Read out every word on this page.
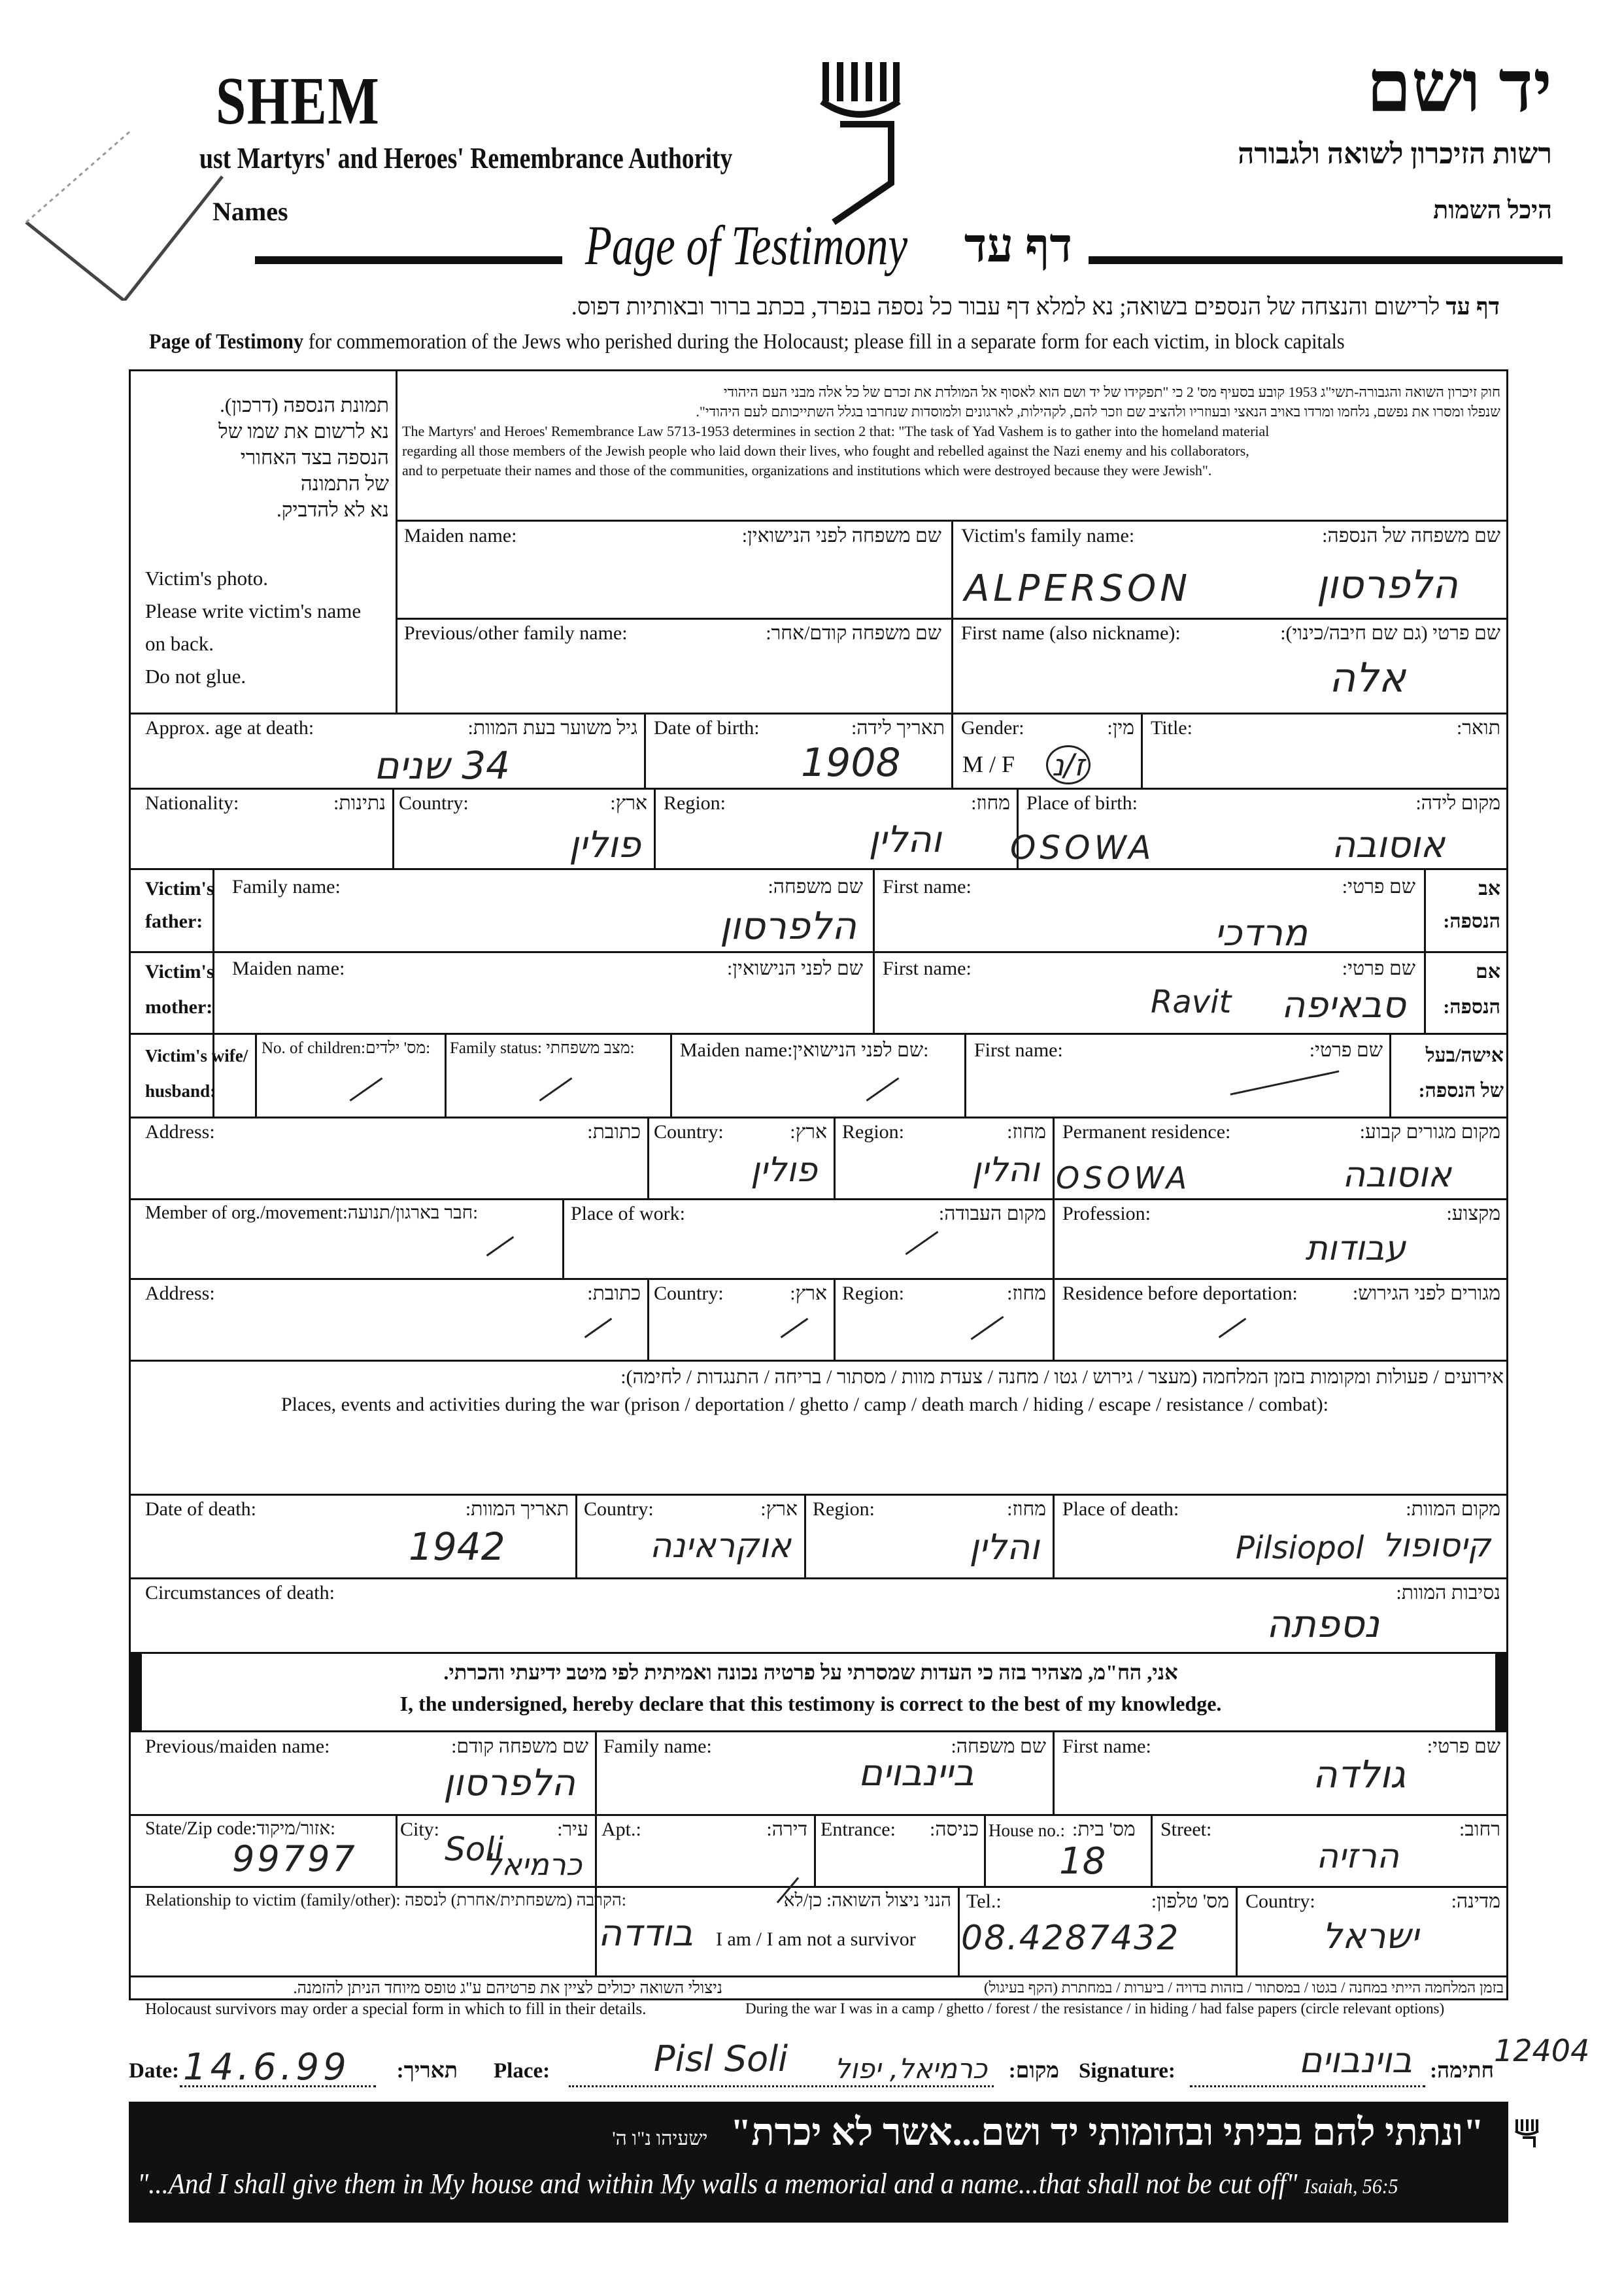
SHEM
ust Martyrs' and Heroes' Remembrance Authority
Names
יד ושם
רשות הזיכרון לשואה ולגבורה
היכל השמות
Page of Testimony	דף עד
דף עד לרישום והנצחה של הנספים בשואה; נא למלא דף עבור כל נספה בנפרד, בכתב ברור ובאותיות דפוס.
Page of Testimony for commemoration of the Jews who perished during the Holocaust; please fill in a separate form for each victim, in block capitals
תמונת הנספה (דרכון).
נא לרשום את שמו של
הנספה בצד האחורי
של התמונה
נא לא להדביק.
Victim's photo.
Please write victim's name
on back.
Do not glue.
חוק זיכרון השואה והגבורה-תשי"ג 1953 קובע בסעיף מס' 2 כי "תפקידו של יד ושם הוא לאסוף אל המולדת את זכרם של כל אלה מבני העם היהודי
שנפלו ומסרו את נפשם, נלחמו ומרדו באויב הנאצי ובעוזריו ולהציב שם וזכר להם, לקהילות, לארגונים ולמוסדות שנחרבו בגלל השתייכותם לעם היהודי".
The Martyrs' and Heroes' Remembrance Law 5713-1953 determines in section 2 that: "The task of Yad Vashem is to gather into the homeland material
regarding all those members of the Jewish people who laid down their lives, who fought and rebelled against the Nazi enemy and his collaborators,
and to perpetuate their names and those of the communities, organizations and institutions which were destroyed because they were Jewish".
Maiden name:	שם משפחה לפני הנישואין: Victim's family name:	שם משפחה של הנספה:
ALPERSON	הלפרסון
Previous/other family name:	שם משפחה קודם/אחר: First name (also nickname):	שם פרטי (גם שם חיבה/כינוי):
אלה
Approx. age at death:	גיל משוער בעת המוות:
34 שנים
Date of birth:	תאריך לידה:
1908
Gender:	מין:
M / F ז/נ
Title:	תואר:
Nationality:	נתינות: Country:	ארץ:
פולין
Region:	מחוז:
והלין
Place of birth:	מקום לידה:
OSOWA	אוסובה
Victim's
father:
אב
הנספה:
Family name:	שם משפחה:
הלפרסון
First name:	שם פרטי:
מרדכי
Victim's
mother:
אם
הנספה:
Maiden name:	שם לפני הנישואין: First name:	שם פרטי:
Ravit	סבאיפה
Victim's wife/
husband:
אישה/בעל
של הנספה:
No. of children:מס' ילדים: Family status: מצב משפחתי: Maiden name:שם לפני הנישואין: First name:	שם פרטי:
Address:	כתובת: Country:	ארץ:
פולין
Region:	מחוז:
והלין
Permanent residence:	מקום מגורים קבוע:
OSOWA	אוסובה
Member of org./movement:חבר בארגון/תנועה:	Place of work:	מקום העבודה: Profession:	מקצוע:
עבודות
Address:	כתובת: Country:	ארץ: Region:	מחוז: Residence before deportation:	מגורים לפני הגירוש:
אירועים / פעולות ומקומות בזמן המלחמה (מעצר / גירוש / גטו / מחנה / צעדת מוות / מסתור / בריחה / התנגדות / לחימה):
Places, events and activities during the war (prison / deportation / ghetto / camp / death march / hiding / escape / resistance / combat):
Date of death:	תאריך המוות:
1942
Country:	ארץ:
אוקראינה
Region:	מחוז:
והלין
Place of death:	מקום המוות:
Pilsiopol קיסופול
Circumstances of death:	נסיבות המוות:
נספתה
אני, הח"מ, מצהיר בזה כי העדות שמסרתי על פרטיה נכונה ואמיתית לפי מיטב ידיעתי והכרתי.
I, the undersigned, hereby declare that this testimony is correct to the best of my knowledge.
Previous/maiden name:	שם משפחה קודם:
הלפרסון
Family name:	שם משפחה:
ביינבוים
First name:	שם פרטי:
גולדה
State/Zip code:אזור/מיקוד:
99797
City:	עיר:
Soli
כרמיאל
Apt.:	דירה: Entrance:	כניסה: House no.: מס' בית:
18
Street:	רחוב:
הרזיה
Relationship to victim (family/other): הקרבה (משפחתית/אחרת) לנספה:
בודדה
הנני ניצול השואה: כן/לא
I am / I am not a survivor
Tel.:	מס' טלפון:
08.4287432
Country:	מדינה:
ישראל
ניצולי השואה יכולים לציין את פרטיהם ע"ג טופס מיוחד הניתן להזמנה.
Holocaust survivors may order a special form in which to fill in their details.
בזמן המלחמה הייתי במחנה / בגטו / במסתור / בזהות בדויה / ביערות / במחתרת (הקף בעיגול)
During the war I was in a camp / ghetto / forest / the resistance / in hiding / had false papers (circle relevant options)
Date: 14.6.99	תאריך: Place:	Pisl Soli	כרמיאל, יפול מקום: Signature:	בוינבוים חתימה:
12404
"ונתתי להם בביתי ובחומותי יד ושם...אשר לא יכרת" ישעיהו נ"ו ה'
"...And I shall give them in My house and within My walls a memorial and a name...that shall not be cut off" Isaiah, 56:5
